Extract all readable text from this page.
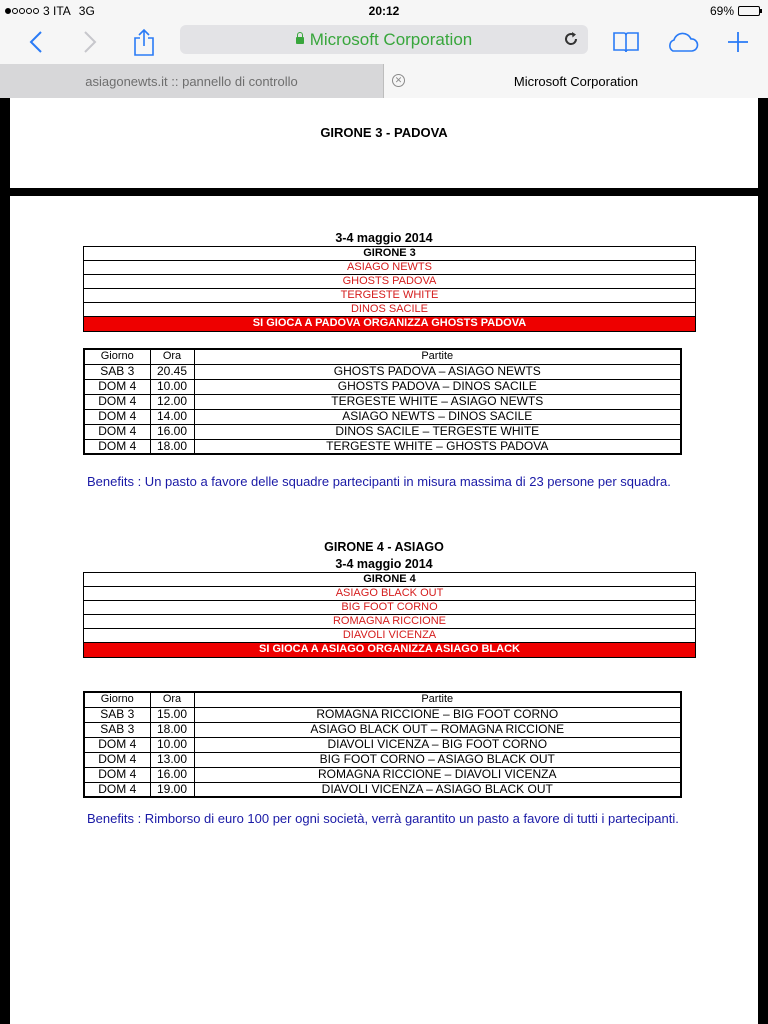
3 ITA 3G	20:12	69%
Microsoft Corporation
asiagonewts.it :: pannello di controllo	✕	Microsoft Corporation
GIRONE 3 - PADOVA
3-4 maggio 2014
GIRONE 3
ASIAGO NEWTS
GHOSTS PADOVA
TERGESTE WHITE
DINOS SACILE
SI GIOCA A PADOVA ORGANIZZA GHOSTS PADOVA
Giorno	Ora	Partite
SAB 3	20.45	GHOSTS PADOVA – ASIAGO NEWTS
DOM 4	10.00	GHOSTS PADOVA – DINOS SACILE
DOM 4	12.00	TERGESTE WHITE – ASIAGO NEWTS
DOM 4	14.00	ASIAGO NEWTS – DINOS SACILE
DOM 4	16.00	DINOS SACILE – TERGESTE WHITE
DOM 4	18.00	TERGESTE WHITE – GHOSTS PADOVA
Benefits : Un pasto a favore delle squadre partecipanti in misura massima di 23 persone per squadra.
GIRONE 4 - ASIAGO
3-4 maggio 2014
GIRONE 4
ASIAGO BLACK OUT
BIG FOOT CORNO
ROMAGNA RICCIONE
DIAVOLI VICENZA
SI GIOCA A ASIAGO ORGANIZZA ASIAGO BLACK
Giorno	Ora	Partite
SAB 3	15.00	ROMAGNA RICCIONE – BIG FOOT CORNO
SAB 3	18.00	ASIAGO BLACK OUT – ROMAGNA RICCIONE
DOM 4	10.00	DIAVOLI VICENZA – BIG FOOT CORNO
DOM 4	13.00	BIG FOOT CORNO – ASIAGO BLACK OUT
DOM 4	16.00	ROMAGNA RICCIONE – DIAVOLI VICENZA
DOM 4	19.00	DIAVOLI VICENZA – ASIAGO BLACK OUT
Benefits : Rimborso di euro 100 per ogni società, verrà garantito un pasto a favore di tutti i partecipanti.
